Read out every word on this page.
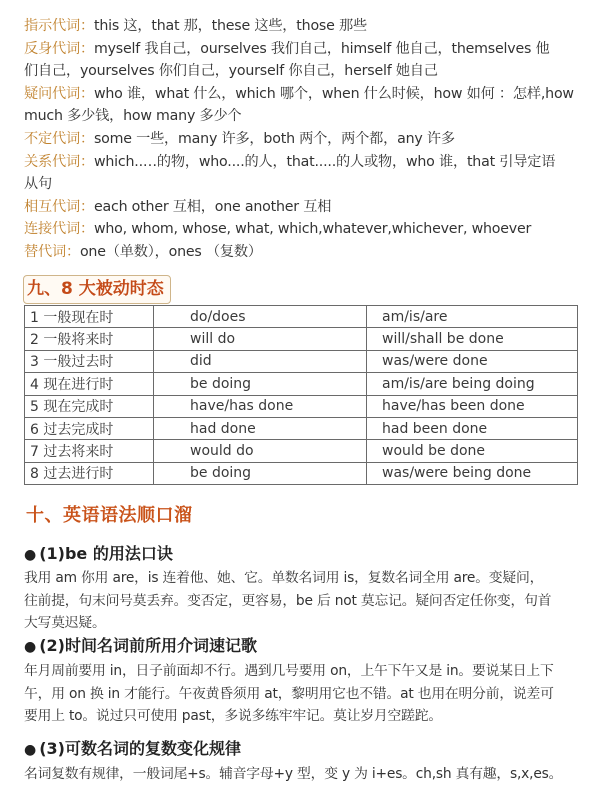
指示代词：this 这，that 那，these 这些，those 那些
反身代词：myself 我自己，ourselves 我们自己，himself 他自己，themselves 他
们自己，yourselves 你们自己，yourself 你自己，herself 她自己
疑问代词：who 谁，what 什么，which 哪个，when 什么时候，how 如何 ：怎样,how
much 多少钱，how many 多少个
不定代词：some 一些，many 许多，both 两个，两个都，any 许多
关系代词：which..…的物，who....的人，that.....的人或物，who 谁，that 引导定语
从句
相互代词：each other 互相，one another 互相
连接代词：who, whom, whose, what, which,whatever,whichever, whoever
替代词：one（单数），ones （复数）
九、8 大被动时态
1 一般现在时	do/does	am/is/are
2 一般将来时	will do	will/shall be done
3 一般过去时	did	was/were done
4 现在进行时	be doing	am/is/are being doing
5 现在完成时	have/has done	have/has been done
6 过去完成时	had done	had been done
7 过去将来时	would do	would be done
8 过去进行时	be doing	was/were being done
十、英语语法顺口溜
● (1)be 的用法口诀
我用 am 你用 are，is 连着他、她、它。单数名词用 is，复数名词全用 are。变疑问，
往前提，句末问号莫丢弃。变否定，更容易，be 后 not 莫忘记。疑问否定任你变，句首
大写莫迟疑。
● (2)时间名词前所用介词速记歌
年月周前要用 in，日子前面却不行。遇到几号要用 on，上午下午又是 in。要说某日上下
午，用 on 换 in 才能行。午夜黄昏须用 at，黎明用它也不错。at 也用在明分前，说差可
要用上 to。说过只可使用 past，多说多练牢牢记。莫让岁月空蹉跎。
● (3)可数名词的复数变化规律
名词复数有规律，一般词尾+s。辅音字母+y 型，变 y 为 i+es。ch,sh 真有趣，s,x,es。
